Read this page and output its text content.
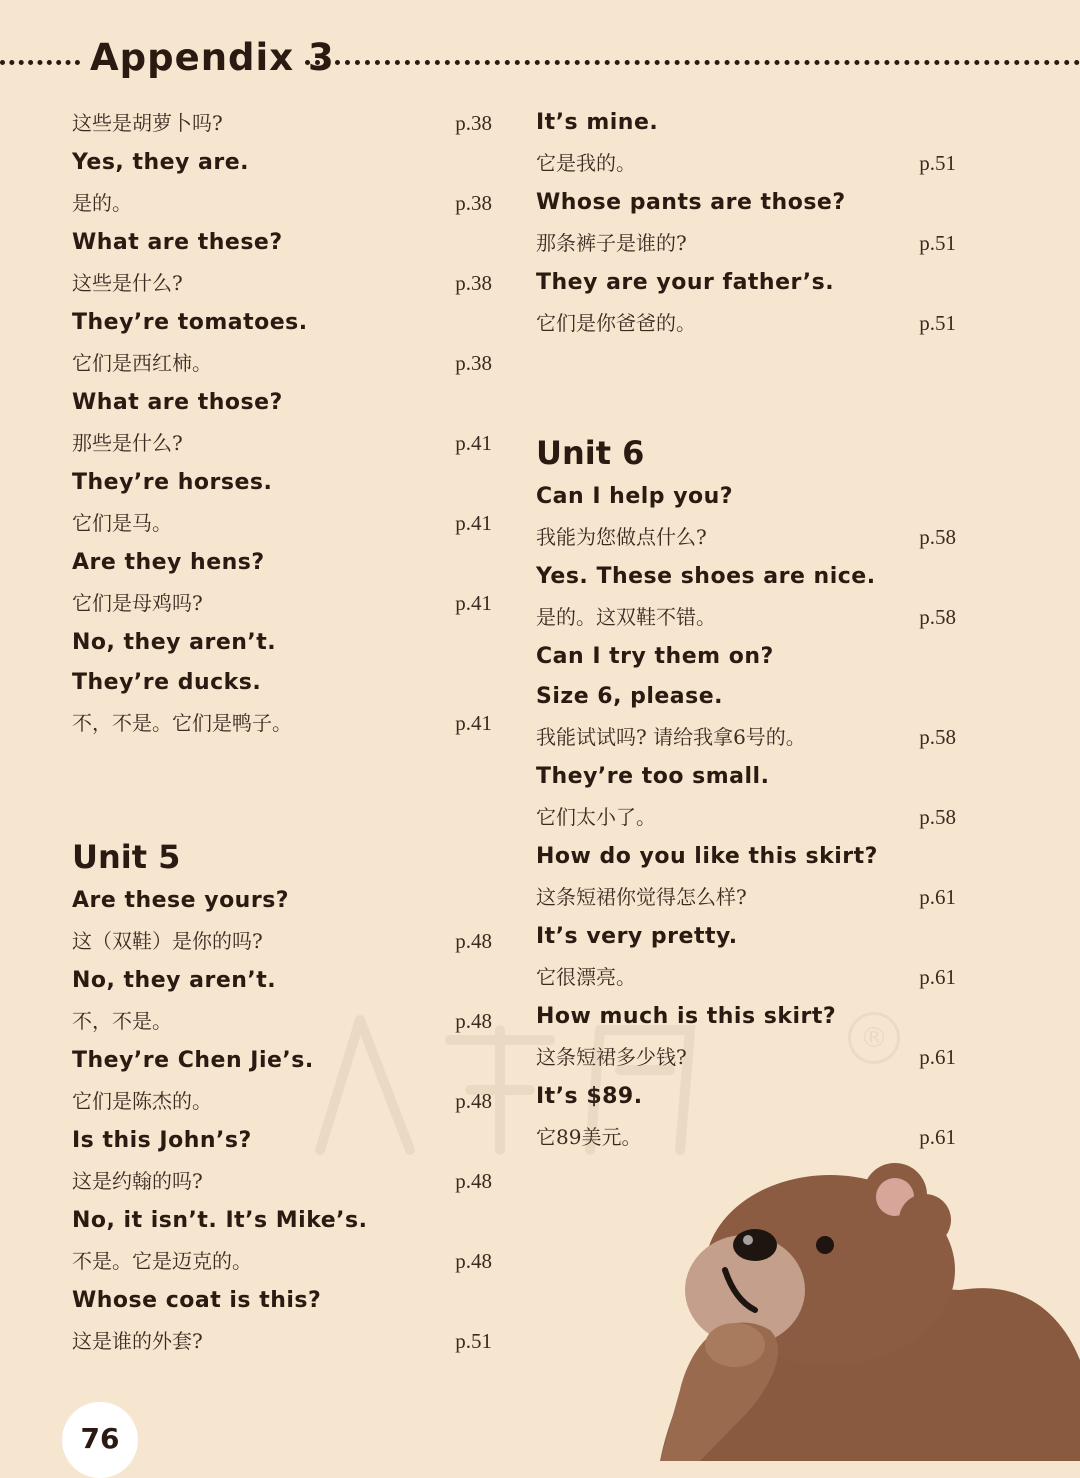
Appendix 3
这些是胡萝卜吗?	p.38
Yes, they are.
是的。	p.38
What are these?
这些是什么?	p.38
They’re tomatoes.
它们是西红柿。	p.38
What are those?
那些是什么?	p.41
They’re horses.
它们是马。	p.41
Are they hens?
它们是母鸡吗?	p.41
No, they aren’t.
They’re ducks.
不，不是。它们是鸭子。	p.41
Unit 5
Are these yours?
这（双鞋）是你的吗?	p.48
No, they aren’t.
不，不是。	p.48
They’re Chen Jie’s.
它们是陈杰的。	p.48
Is this John’s?
这是约翰的吗?	p.48
No, it isn’t. It’s Mike’s.
不是。它是迈克的。	p.48
Whose coat is this?
这是谁的外套?	p.51
It’s mine.
它是我的。	p.51
Whose pants are those?
那条裤子是谁的?	p.51
They are your father’s.
它们是你爸爸的。	p.51
Unit 6
Can I help you?
我能为您做点什么?	p.58
Yes. These shoes are nice.
是的。这双鞋不错。	p.58
Can I try them on?
Size 6, please.
我能试试吗? 请给我拿6号的。	p.58
They’re too small.
它们太小了。	p.58
How do you like this skirt?
这条短裙你觉得怎么样?	p.61
It’s very pretty.
它很漂亮。	p.61
How much is this skirt?
这条短裙多少钱?	p.61
It’s $89.
它89美元。	p.61
®
76
